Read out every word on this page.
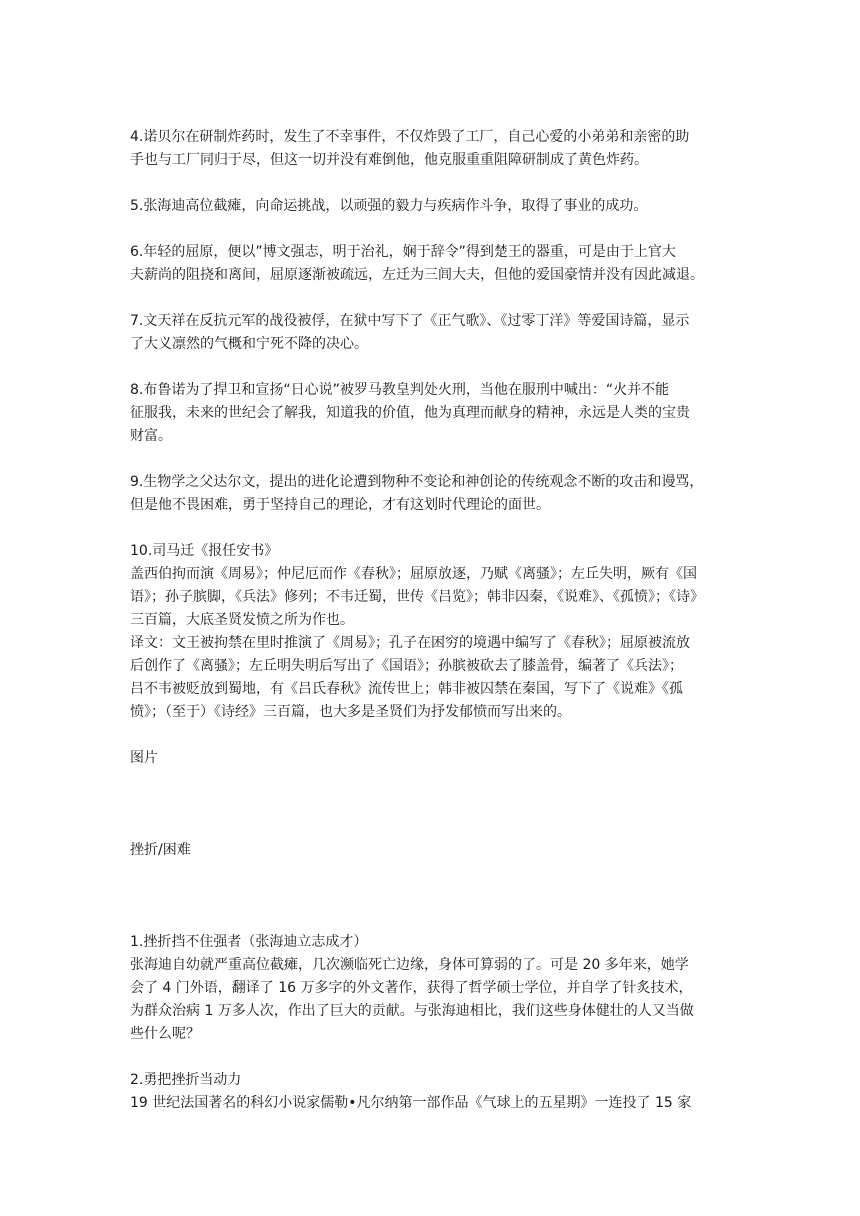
4.诺贝尔在研制炸药时，发生了不幸事件，不仅炸毁了工厂，自己心爱的小弟弟和亲密的助

手也与工厂同归于尽，但这一切并没有难倒他，他克服重重阻障研制成了黄色炸药。

5.张海迪高位截瘫，向命运挑战，以顽强的毅力与疾病作斗争，取得了事业的成功。

6.年轻的屈原，便以”博文强志，明于治礼，娴于辞令”得到楚王的器重，可是由于上官大

夫薪尚的阻挠和离间，屈原逐渐被疏远，左迁为三闾大夫，但他的爱国豪情并没有因此减退。

7.文天祥在反抗元军的战役被俘，在狱中写下了《正气歌》、《过零丁洋》等爱国诗篇，显示

了大义凛然的气概和宁死不降的决心。

8.布鲁诺为了捍卫和宣扬“日心说”被罗马教皇判处火刑，当他在服刑中喊出：“火并不能

征服我，未来的世纪会了解我，知道我的价值，他为真理而献身的精神，永远是人类的宝贵

财富。

9.生物学之父达尔文，提出的进化论遭到物种不变论和神创论的传统观念不断的攻击和谩骂，

但是他不畏困难，勇于坚持自己的理论，才有这划时代理论的面世。

10.司马迁《报任安书》

盖西伯拘而演《周易》；仲尼厄而作《春秋》；屈原放逐，乃赋《离骚》；左丘失明，厥有《国

语》；孙子膑脚，《兵法》修列；不韦迁蜀，世传《吕览》；韩非囚秦，《说难》、《孤愤》；《诗》

三百篇，大底圣贤发愤之所为作也。

译文：文王被拘禁在里时推演了《周易》；孔子在困穷的境遇中编写了《春秋》；屈原被流放

后创作了《离骚》；左丘明失明后写出了《国语》；孙膑被砍去了膝盖骨，编著了《兵法》；

吕不韦被贬放到蜀地，有《吕氏春秋》流传世上；韩非被囚禁在秦国，写下了《说难》《孤

愤》；（至于）《诗经》三百篇，也大多是圣贤们为抒发郁愤而写出来的。

图片

挫折/困难

1.挫折挡不住强者（张海迪立志成才）

张海迪自幼就严重高位截瘫，几次濒临死亡边缘，身体可算弱的了。可是 20 多年来，她学

会了 4 门外语，翻译了 16 万多字的外文著作，获得了哲学硕士学位，并自学了针炙技术，

为群众治病 1 万多人次，作出了巨大的贡献。与张海迪相比，我们这些身体健壮的人又当做

些什么呢？

2.勇把挫折当动力

19 世纪法国著名的科幻小说家儒勒•凡尔纳第一部作品《气球上的五星期》一连投了 15 家
